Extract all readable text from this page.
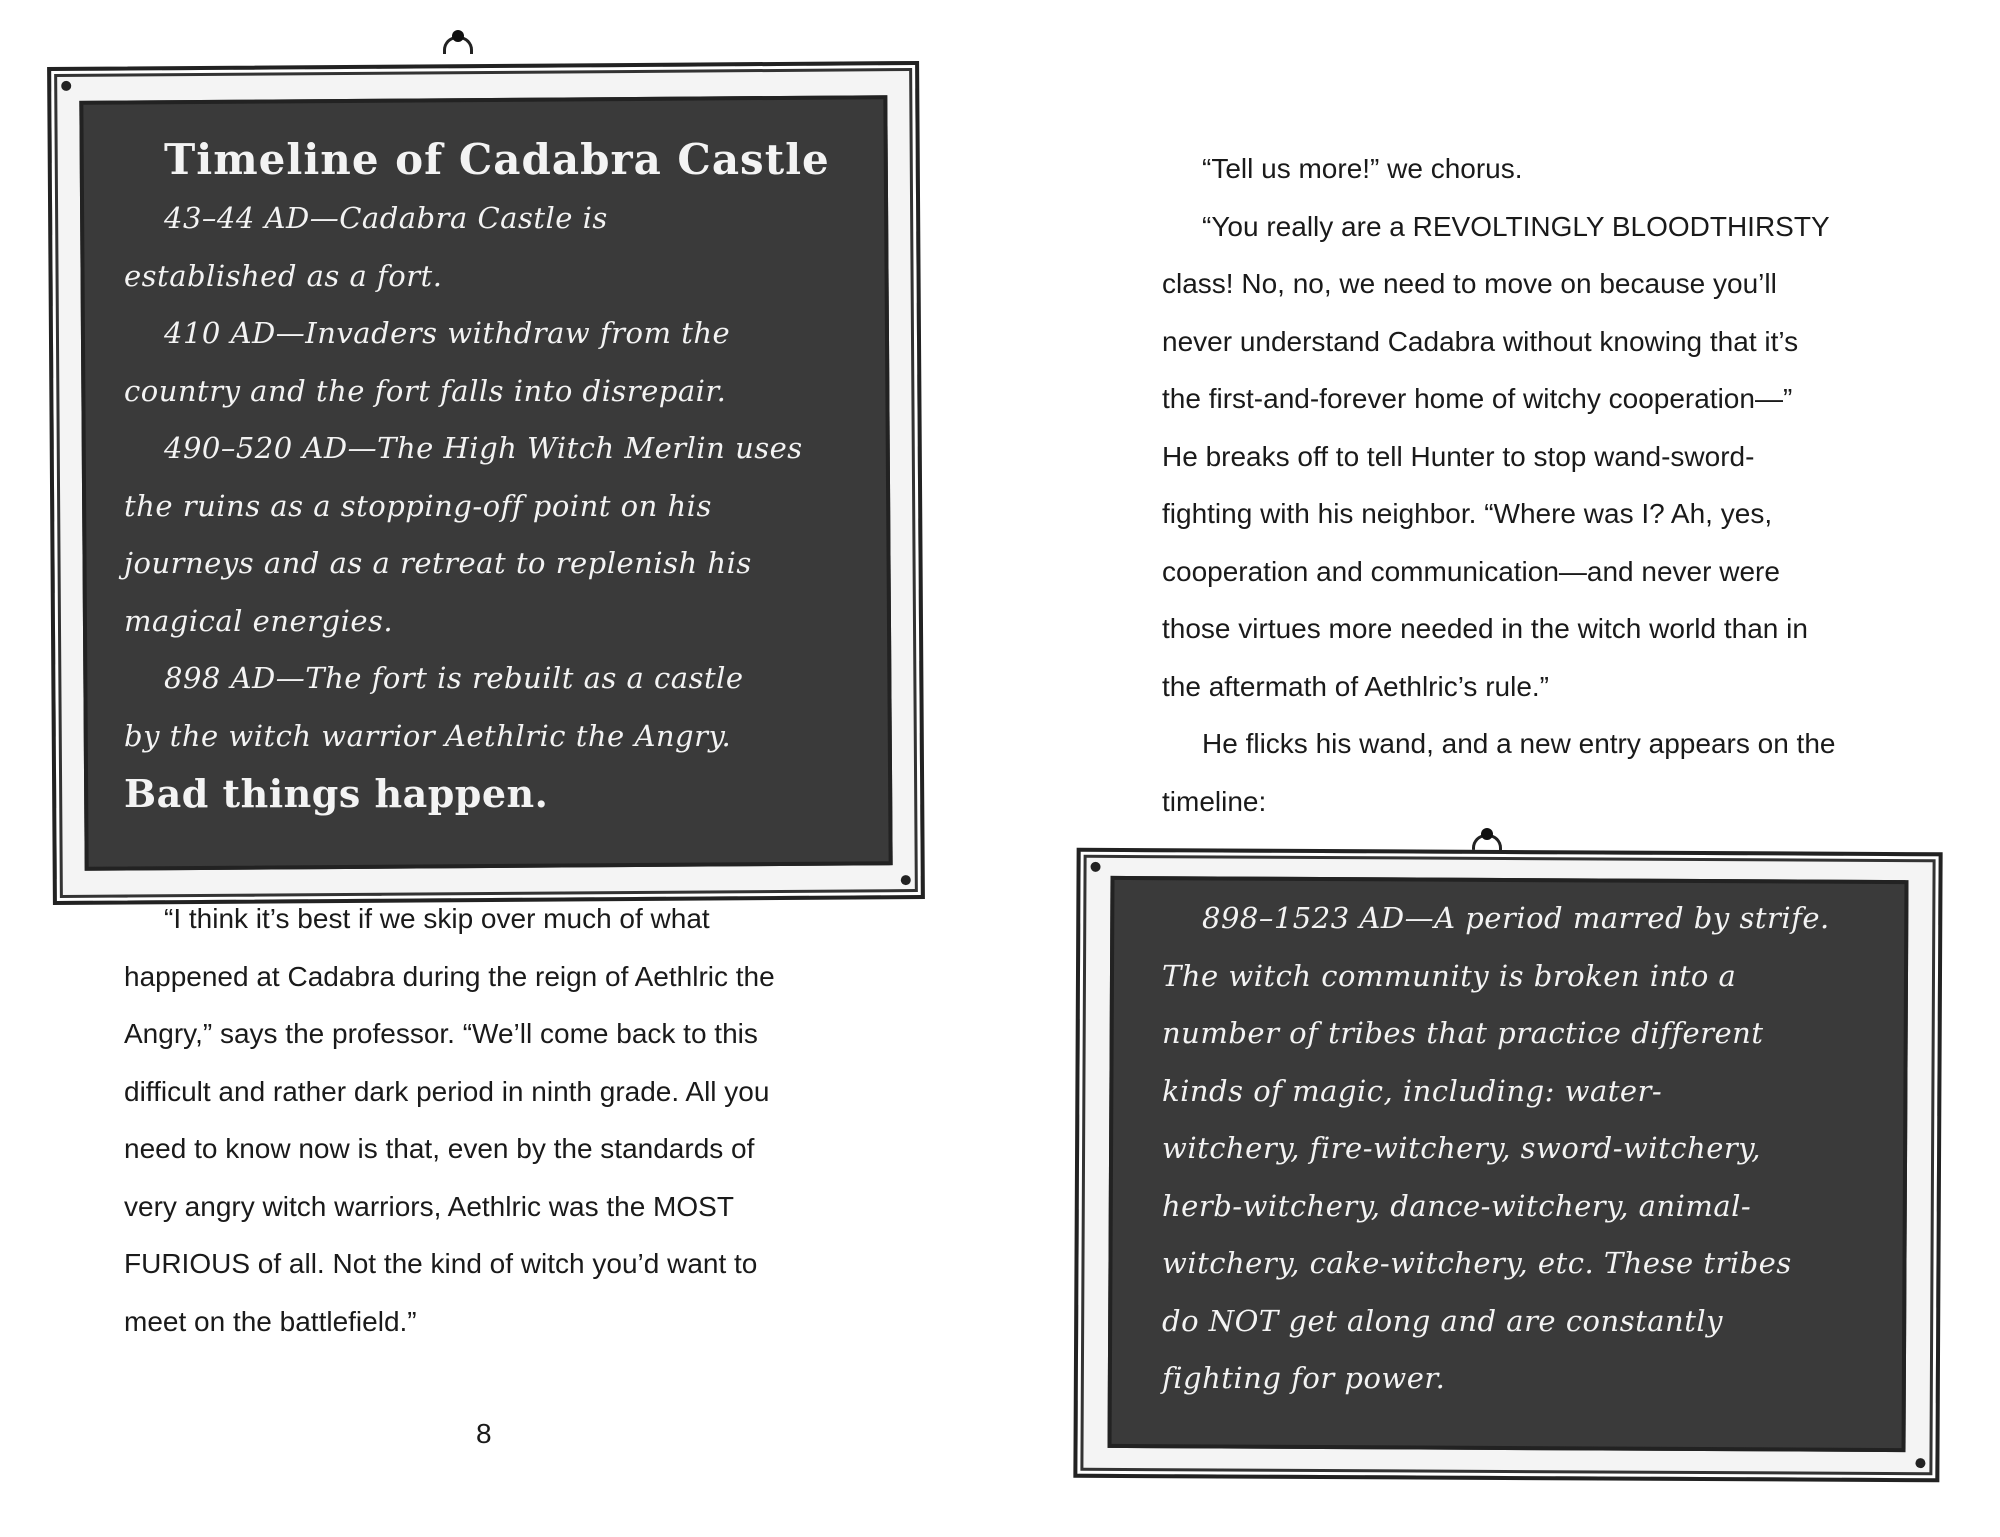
Timeline of Cadabra Castle
43–44 AD—Cadabra Castle is
established as a fort.
410 AD—Invaders withdraw from the
country and the fort falls into disrepair.
490–520 AD—The High Witch Merlin uses
the ruins as a stopping-off point on his
journeys and as a retreat to replenish his
magical energies.
898 AD—The fort is rebuilt as a castle
by the witch warrior Aethlric the Angry.
Bad things happen.
“I think it’s best if we skip over much of what
happened at Cadabra during the reign of Aethlric the
Angry,” says the professor. “We’ll come back to this
difficult and rather dark period in ninth grade. All you
need to know now is that, even by the standards of
very angry witch warriors, Aethlric was the MOST
FURIOUS of all. Not the kind of witch you’d want to
meet on the battlefield.”
8
“Tell us more!” we chorus.
“You really are a REVOLTINGLY BLOODTHIRSTY
class! No, no, we need to move on because you’ll
never understand Cadabra without knowing that it’s
the first-and-forever home of witchy cooperation—”
He breaks off to tell Hunter to stop wand-sword-
fighting with his neighbor. “Where was I? Ah, yes,
cooperation and communication—and never were
those virtues more needed in the witch world than in
the aftermath of Aethlric’s rule.”
He flicks his wand, and a new entry appears on the
timeline:
898–1523 AD—A period marred by strife.
The witch community is broken into a
number of tribes that practice different
kinds of magic, including: water-
witchery, fire-witchery, sword-witchery,
herb-witchery, dance-witchery, animal-
witchery, cake-witchery, etc. These tribes
do NOT get along and are constantly
fighting for power.
